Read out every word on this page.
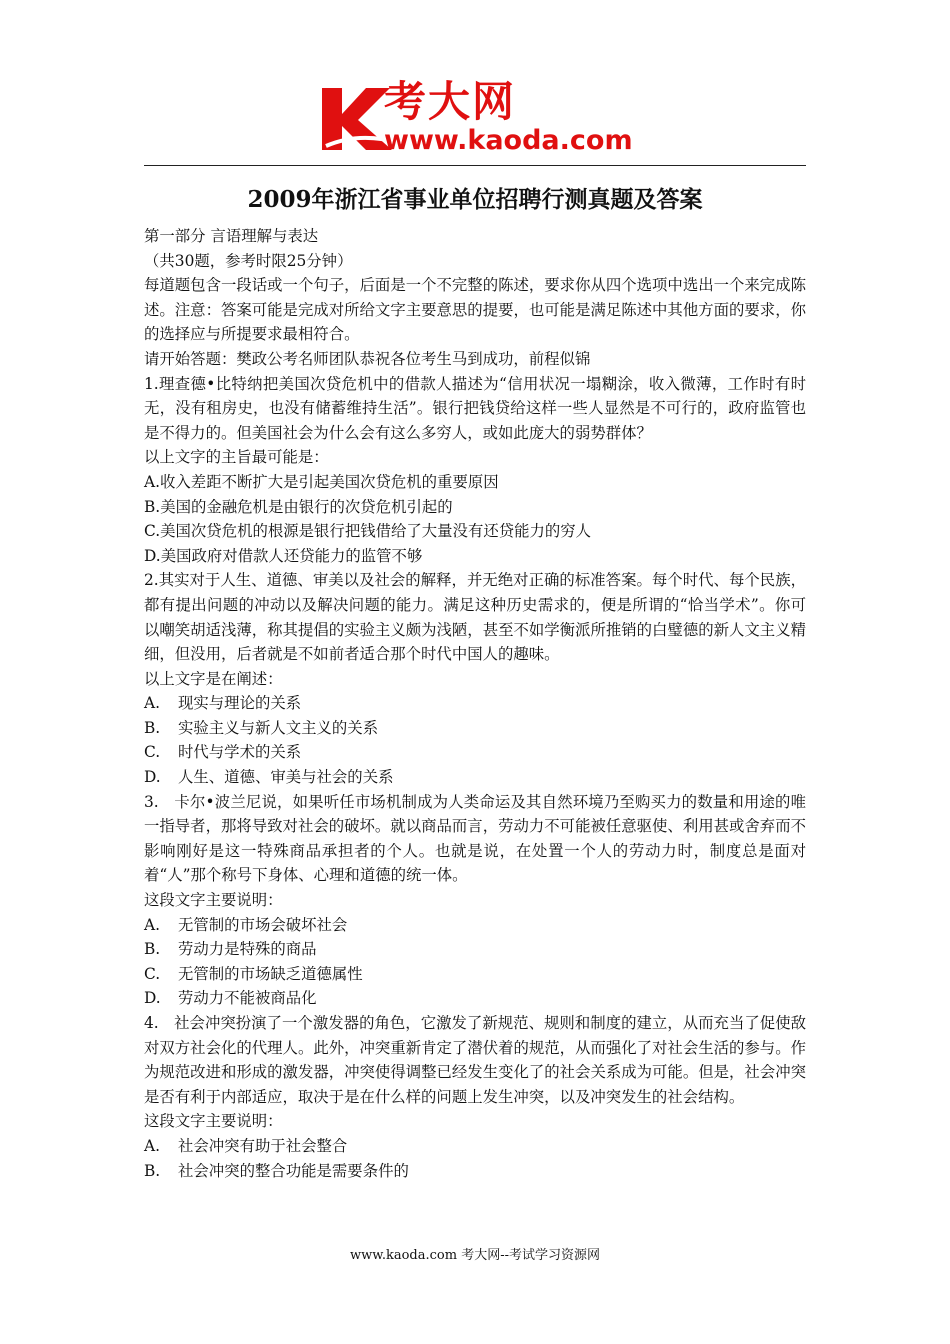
考大网
www.kaoda.com
2009年浙江省事业单位招聘行测真题及答案

第一部分 言语理解与表达

（共30题，参考时限25分钟）

每道题包含一段话或一个句子，后面是一个不完整的陈述，要求你从四个选项中选出一个来完成陈述。注意：答案可能是完成对所给文字主要意思的提要，也可能是满足陈述中其他方面的要求，你的选择应与所提要求最相符合。

请开始答题：樊政公考名师团队恭祝各位考生马到成功，前程似锦

1.理查德•比特纳把美国次贷危机中的借款人描述为“信用状况一塌糊涂，收入微薄，工作时有时无，没有租房史，也没有储蓄维持生活”。银行把钱贷给这样一些人显然是不可行的，政府监管也是不得力的。但美国社会为什么会有这么多穷人，或如此庞大的弱势群体？

以上文字的主旨最可能是：

A.收入差距不断扩大是引起美国次贷危机的重要原因

B.美国的金融危机是由银行的次贷危机引起的

C.美国次贷危机的根源是银行把钱借给了大量没有还贷能力的穷人

D.美国政府对借款人还贷能力的监管不够

2.其实对于人生、道德、审美以及社会的解释，并无绝对正确的标准答案。每个时代、每个民族，都有提出问题的冲动以及解决问题的能力。满足这种历史需求的，便是所谓的“恰当学术”。你可以嘲笑胡适浅薄，称其提倡的实验主义颇为浅陋，甚至不如学衡派所推销的白璧德的新人文主义精细，但没用，后者就是不如前者适合那个时代中国人的趣味。

以上文字是在阐述：

A. 现实与理论的关系

B. 实验主义与新人文主义的关系

C. 时代与学术的关系

D. 人生、道德、审美与社会的关系

3.　卡尔•波兰尼说，如果听任市场机制成为人类命运及其自然环境乃至购买力的数量和用途的唯一指导者，那将导致对社会的破坏。就以商品而言，劳动力不可能被任意驱使、利用甚或舍弃而不影响刚好是这一特殊商品承担者的个人。也就是说，在处置一个人的劳动力时，制度总是面对着“人”那个称号下身体、心理和道德的统一体。

这段文字主要说明：

A. 无管制的市场会破坏社会

B. 劳动力是特殊的商品

C. 无管制的市场缺乏道德属性

D. 劳动力不能被商品化

4.　社会冲突扮演了一个激发器的角色，它激发了新规范、规则和制度的建立，从而充当了促使敌对双方社会化的代理人。此外，冲突重新肯定了潜伏着的规范，从而强化了对社会生活的参与。作为规范改进和形成的激发器，冲突使得调整已经发生变化了的社会关系成为可能。但是，社会冲突是否有利于内部适应，取决于是在什么样的问题上发生冲突，以及冲突发生的社会结构。

这段文字主要说明：

A. 社会冲突有助于社会整合

B. 社会冲突的整合功能是需要条件的

www.kaoda.com 考大网--考试学习资源网
